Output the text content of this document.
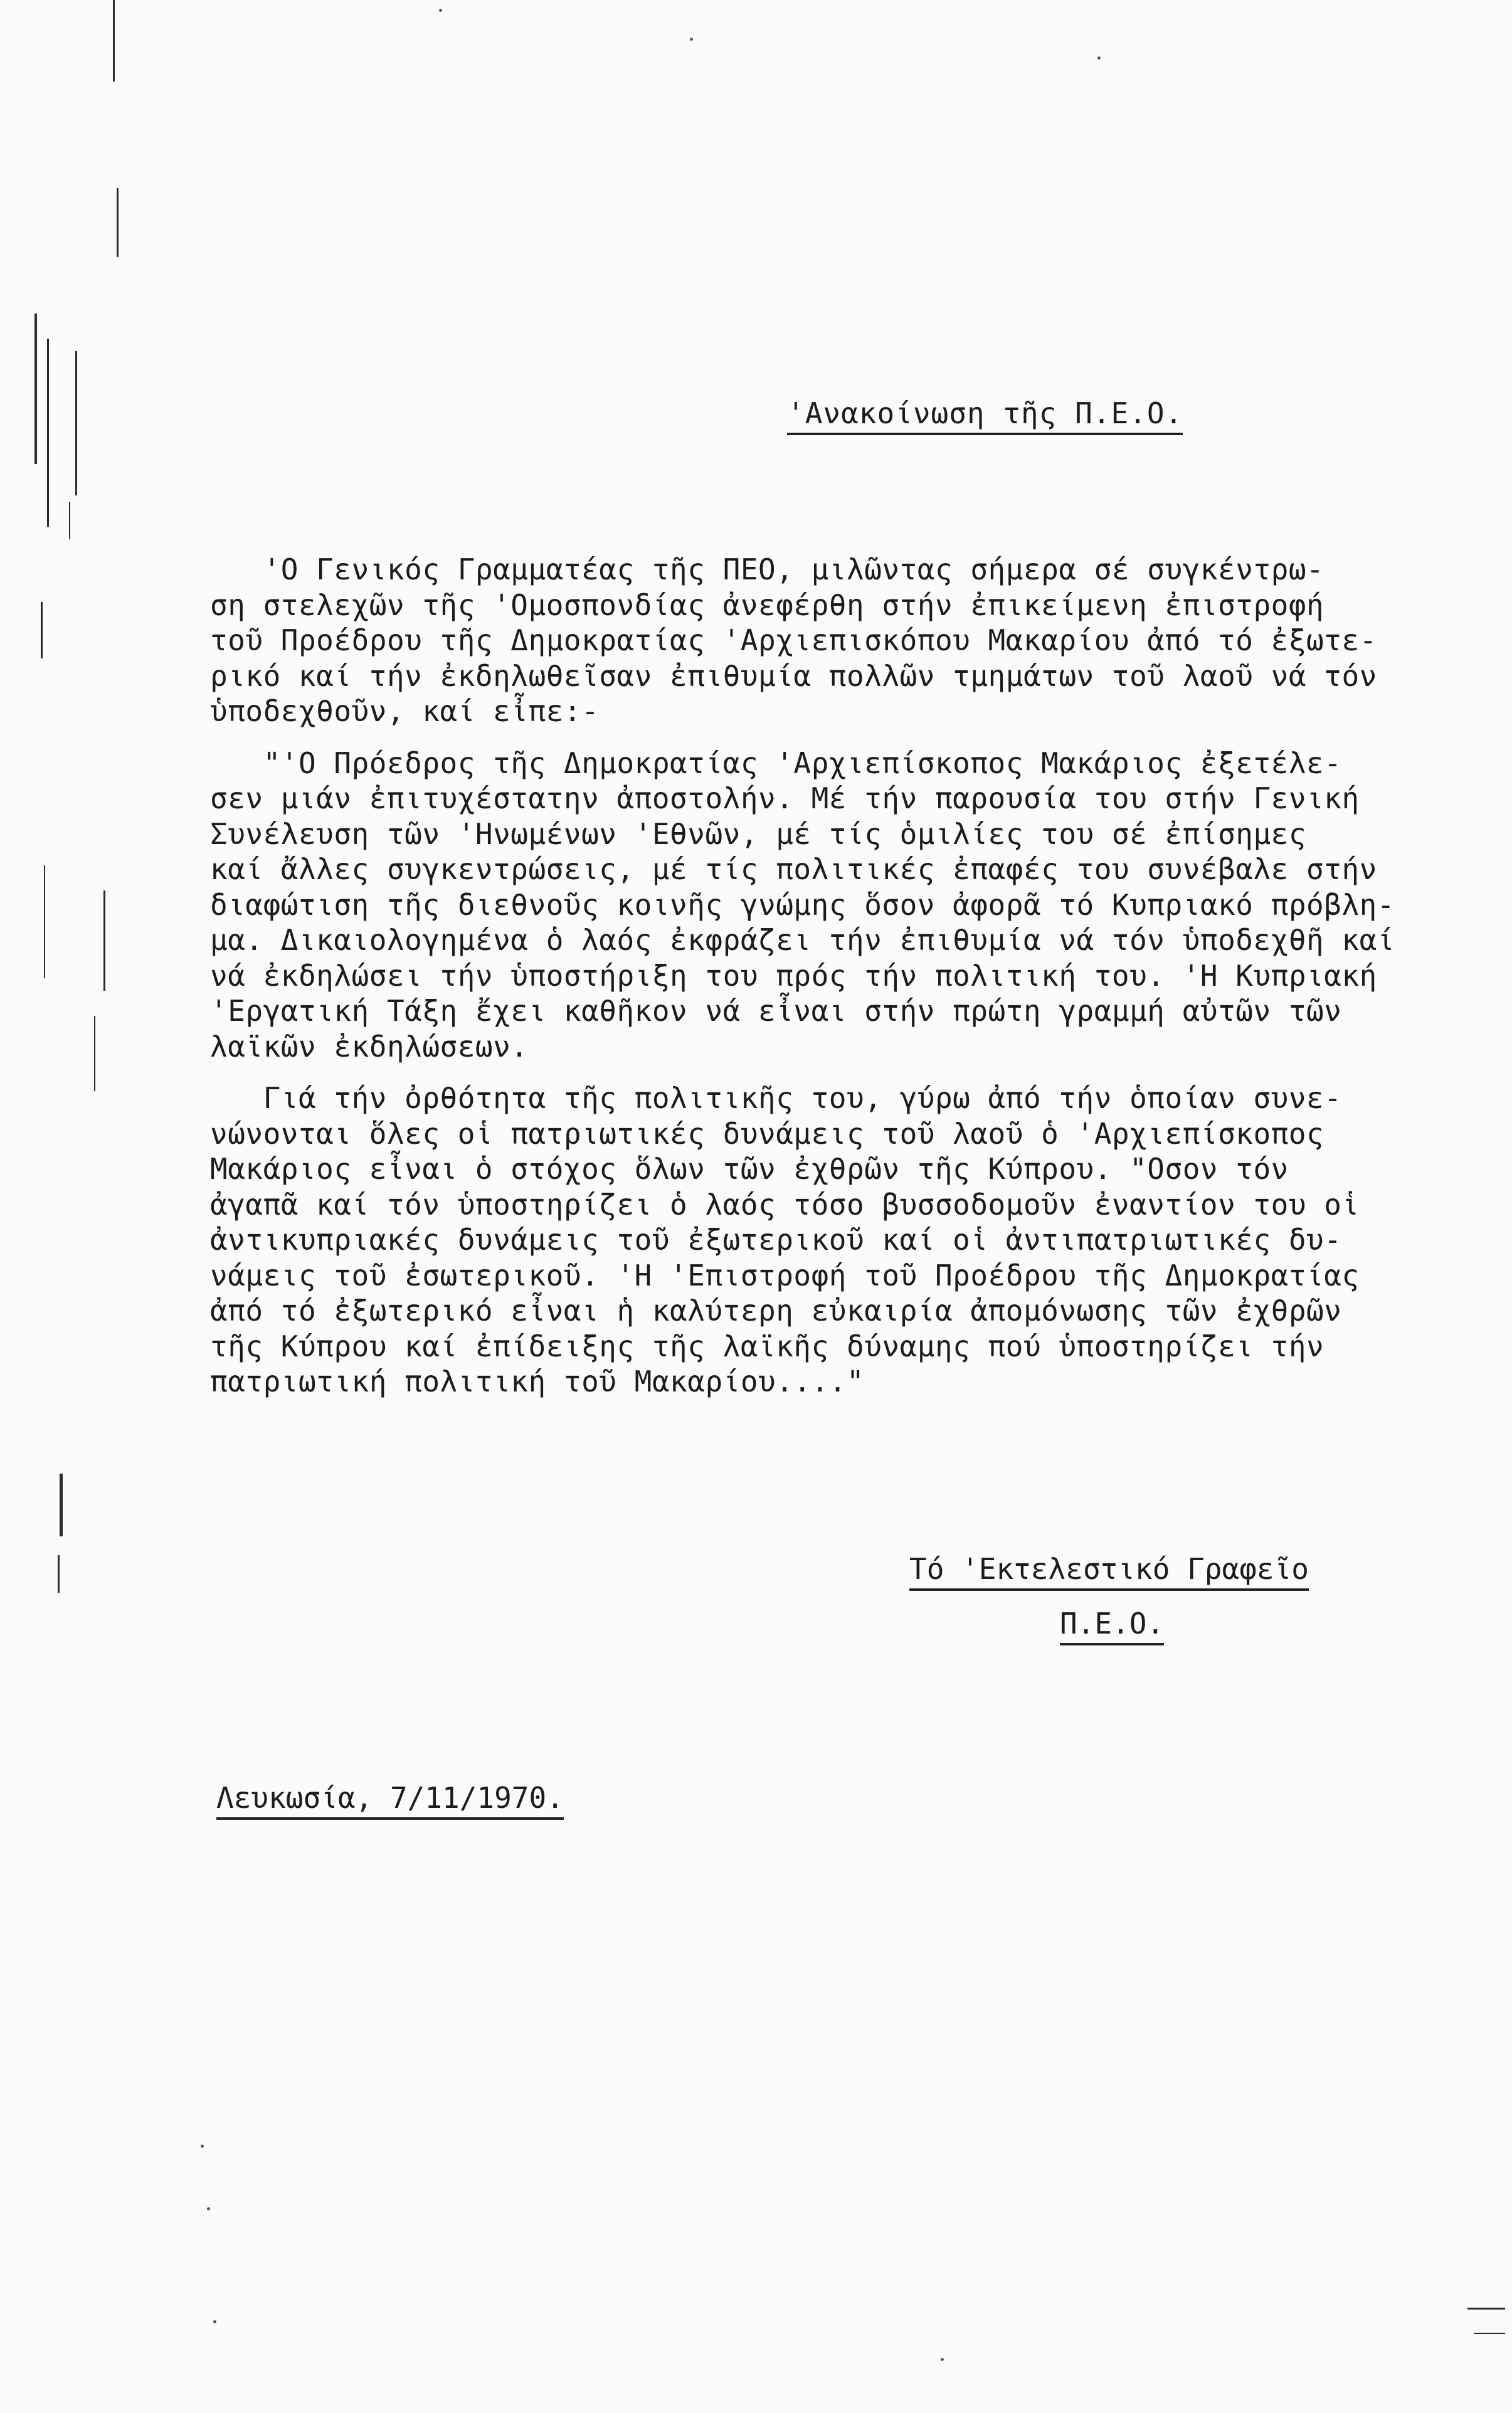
'Ανακοίνωση τῆς Π.Ε.Ο.
'Ο Γενικός Γραμματέας τῆς ΠΕΟ, μιλῶντας σήμερα σέ συγκέντρω-
ση στελεχῶν τῆς 'Ομοσπονδίας ἀνεφέρθη στήν ἐπικείμενη ἐπιστροφή
τοῦ Προέδρου τῆς Δημοκρατίας 'Αρχιεπισκόπου Μακαρίου ἀπό τό ἐξωτε-
ρικό καί τήν ἐκδηλωθεῖσαν ἐπιθυμία πολλῶν τμημάτων τοῦ λαοῦ νά τόν
ὑποδεχθοῦν, καί εἶπε:-
"'Ο Πρόεδρος τῆς Δημοκρατίας 'Αρχιεπίσκοπος Μακάριος ἐξετέλε-
σεν μιάν ἐπιτυχέστατην ἀποστολήν. Μέ τήν παρουσία του στήν Γενική
Συνέλευση τῶν 'Ηνωμένων 'Εθνῶν, μέ τίς ὁμιλίες του σέ ἐπίσημες
καί ἄλλες συγκεντρώσεις, μέ τίς πολιτικές ἐπαφές του συνέβαλε στήν
διαφώτιση τῆς διεθνοῦς κοινῆς γνώμης ὅσον ἀφορᾶ τό Κυπριακό πρόβλη-
μα. Δικαιολογημένα ὁ λαός ἐκφράζει τήν ἐπιθυμία νά τόν ὑποδεχθῆ καί
νά ἐκδηλώσει τήν ὑποστήριξη του πρός τήν πολιτική του. 'Η Κυπριακή
'Εργατική Τάξη ἔχει καθῆκον νά εἶναι στήν πρώτη γραμμή αὐτῶν τῶν
λαϊκῶν ἐκδηλώσεων.
Γιά τήν ὀρθότητα τῆς πολιτικῆς του, γύρω ἀπό τήν ὁποίαν συνε-
νώνονται ὅλες οἱ πατριωτικές δυνάμεις τοῦ λαοῦ ὁ 'Αρχιεπίσκοπος
Μακάριος εἶναι ὁ στόχος ὅλων τῶν ἐχθρῶν τῆς Κύπρου. "Οσον τόν
ἀγαπᾶ καί τόν ὑποστηρίζει ὁ λαός τόσο βυσσοδομοῦν ἐναντίον του οἱ
ἀντικυπριακές δυνάμεις τοῦ ἐξωτερικοῦ καί οἱ ἀντιπατριωτικές δυ-
νάμεις τοῦ ἐσωτερικοῦ. 'Η 'Επιστροφή τοῦ Προέδρου τῆς Δημοκρατίας
ἀπό τό ἐξωτερικό εἶναι ἡ καλύτερη εὐκαιρία ἀπομόνωσης τῶν ἐχθρῶν
τῆς Κύπρου καί ἐπίδειξης τῆς λαϊκῆς δύναμης πού ὑποστηρίζει τήν
πατριωτική πολιτική τοῦ Μακαρίου...."
Τό 'Εκτελεστικό Γραφεῖο
Π.Ε.Ο.
Λευκωσία, 7/11/1970.
